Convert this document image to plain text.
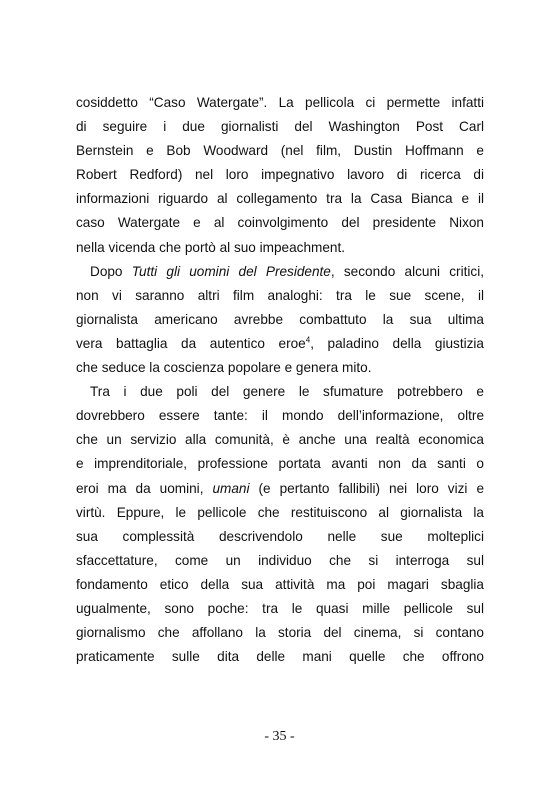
cosiddetto “Caso Watergate”. La pellicola ci permette infatti
di seguire i due giornalisti del Washington Post Carl
Bernstein e Bob Woodward (nel film, Dustin Hoffmann e
Robert Redford) nel loro impegnativo lavoro di ricerca di
informazioni riguardo al collegamento tra la Casa Bianca e il
caso Watergate e al coinvolgimento del presidente Nixon
nella vicenda che portò al suo impeachment.
Dopo Tutti gli uomini del Presidente, secondo alcuni critici,
non vi saranno altri film analoghi: tra le sue scene, il
giornalista americano avrebbe combattuto la sua ultima
vera battaglia da autentico eroe$^4$, paladino della giustizia
che seduce la coscienza popolare e genera mito.
Tra i due poli del genere le sfumature potrebbero e
dovrebbero essere tante: il mondo dell’informazione, oltre
che un servizio alla comunità, è anche una realtà economica
e imprenditoriale, professione portata avanti non da santi o
eroi ma da uomini, umani (e pertanto fallibili) nei loro vizi e
virtù. Eppure, le pellicole che restituiscono al giornalista la
sua complessità descrivendolo nelle sue molteplici
sfaccettature, come un individuo che si interroga sul
fondamento etico della sua attività ma poi magari sbaglia
ugualmente, sono poche: tra le quasi mille pellicole sul
giornalismo che affollano la storia del cinema, si contano
praticamente sulle dita delle mani quelle che offrono
- 35 -
